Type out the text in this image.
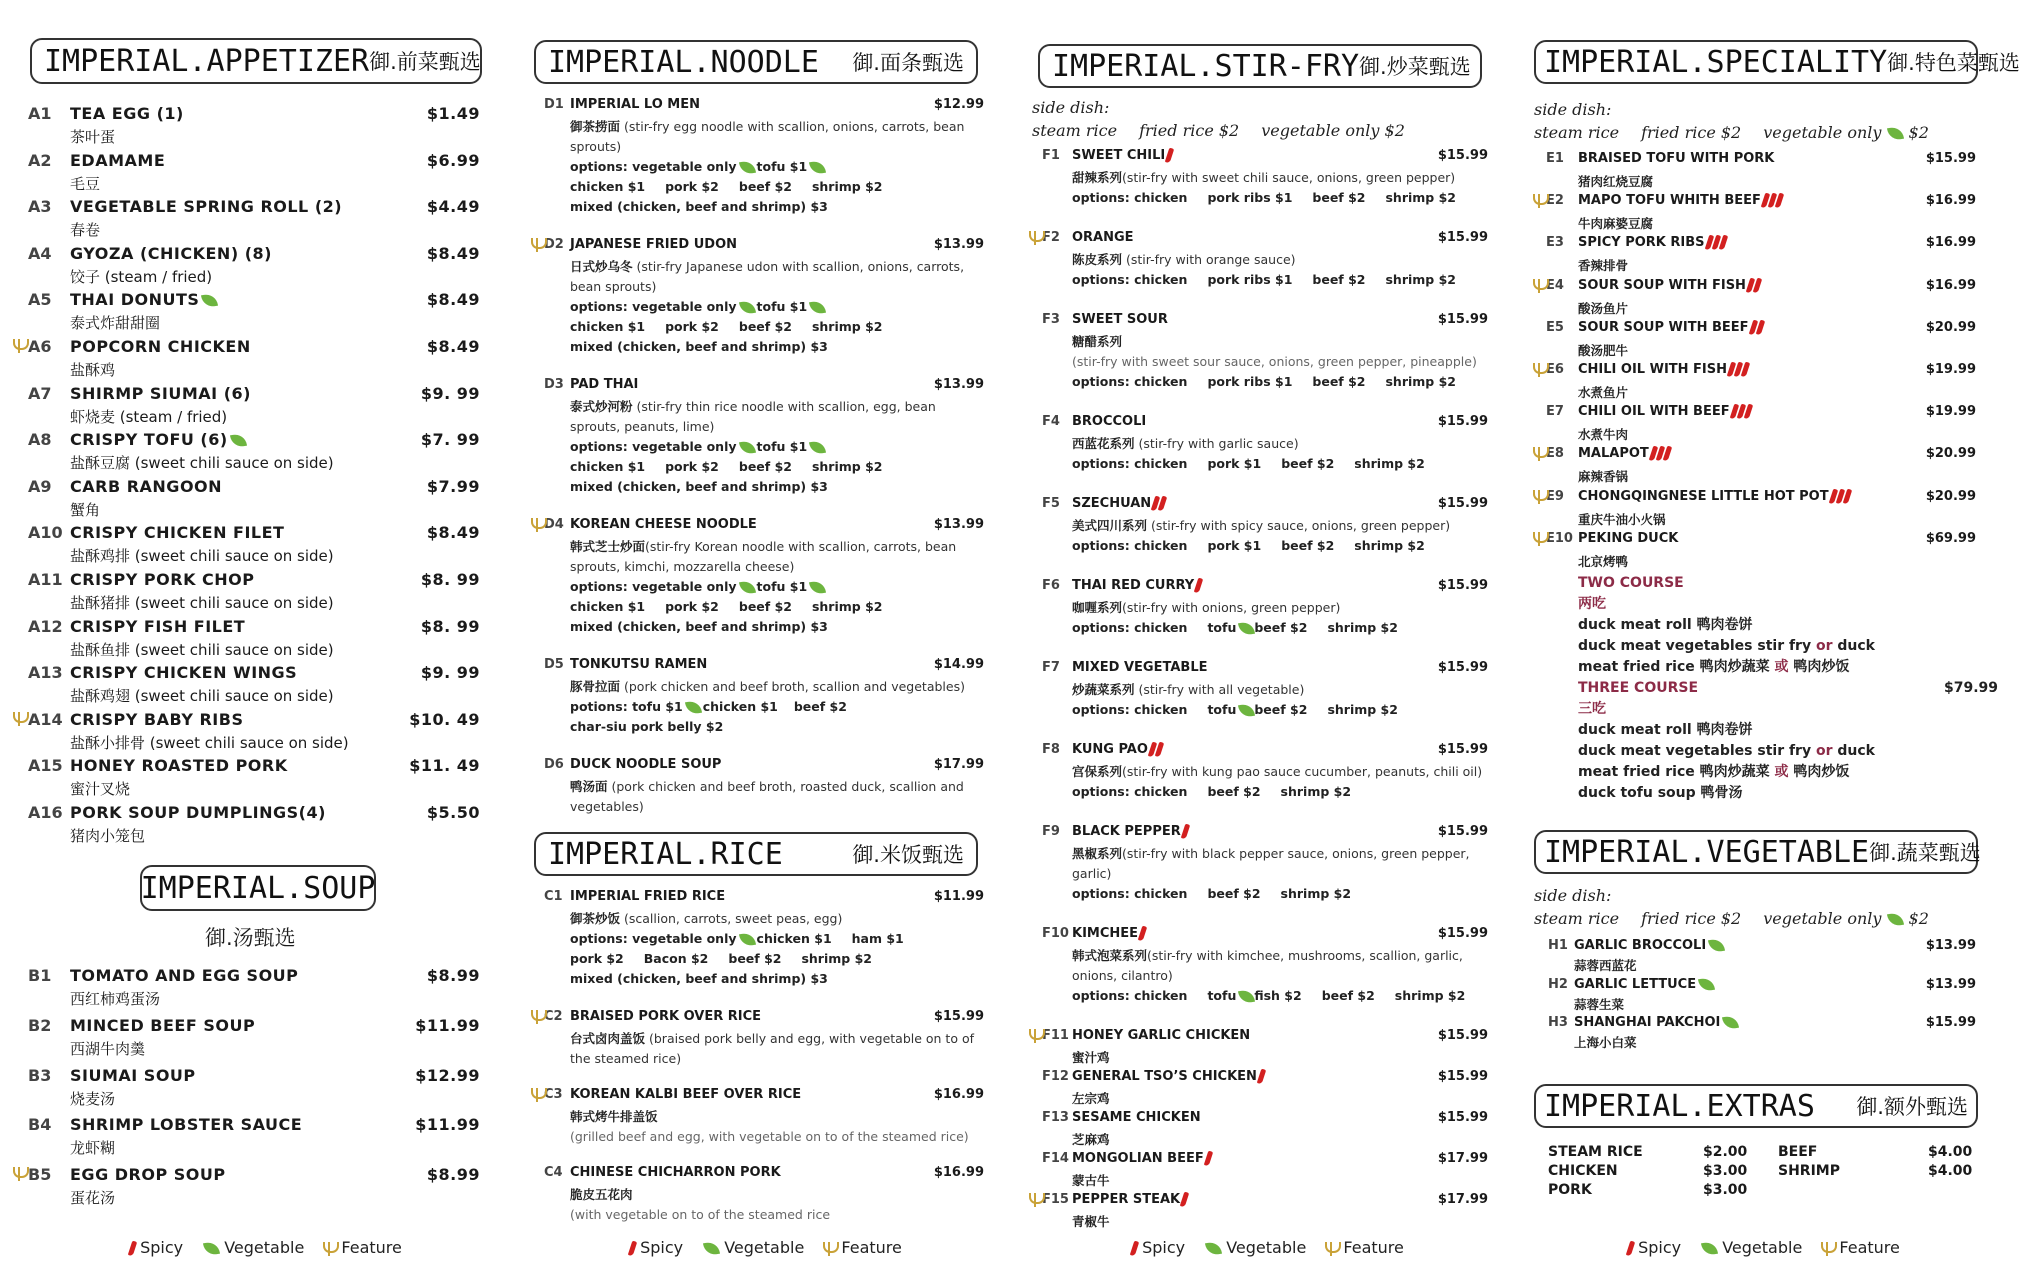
IMPERIAL.APPETIZER 御.前菜甄选
A1 TEA EGG (1)	$1.49
茶叶蛋
A2 EDAMAME	$6.99
毛豆
A3 VEGETABLE SPRING ROLL (2)	$4.49
春卷
A4 GYOZA (CHICKEN) (8)	$8.49
饺子 (steam / fried)
A5 THAI DONUTS	$8.49
泰式炸甜甜圈
A6 POPCORN CHICKEN	$8.49
盐酥鸡
A7 SHIRMP SIUMAI (6)	$9. 99
虾烧麦 (steam / fried)
A8 CRISPY TOFU (6)	$7. 99
盐酥豆腐 (sweet chili sauce on side)
A9 CARB RANGOON	$7.99
蟹角
A10 CRISPY CHICKEN FILET	$8.49
盐酥鸡排 (sweet chili sauce on side)
A11 CRISPY PORK CHOP	$8. 99
盐酥猪排 (sweet chili sauce on side)
A12 CRISPY FISH FILET	$8. 99
盐酥鱼排 (sweet chili sauce on side)
A13 CRISPY CHICKEN WINGS	$9. 99
盐酥鸡翅 (sweet chili sauce on side)
A14 CRISPY BABY RIBS	$10. 49
盐酥小排骨 (sweet chili sauce on side)
A15 HONEY ROASTED PORK	$11. 49
蜜汁叉烧
A16 PORK SOUP DUMPLINGS(4)	$5.50
猪肉小笼包
IMPERIAL.SOUP
御.汤甄选
B1 TOMATO AND EGG SOUP	$8.99
西红柿鸡蛋汤
B2 MINCED BEEF SOUP	$11.99
西湖牛肉羹
B3 SIUMAI SOUP	$12.99
烧麦汤
B4 SHRIMP LOBSTER SAUCE	$11.99
龙虾糊
B5 EGG DROP SOUP	$8.99
蛋花汤
IMPERIAL.NOODLE 御.面条甄选
D1 IMPERIAL LO MEN	$12.99
御茶捞面 (stir-fry egg noodle with scallion, onions, carrots, bean sprouts)
options: vegetable only tofu $1
chicken $1 pork $2 beef $2 shrimp $2
mixed (chicken, beef and shrimp) $3
D2 JAPANESE FRIED UDON	$13.99
日式炒乌冬 (stir-fry Japanese udon with scallion, onions, carrots, bean sprouts)
options: vegetable only tofu $1
chicken $1 pork $2 beef $2 shrimp $2
mixed (chicken, beef and shrimp) $3
D3 PAD THAI	$13.99
泰式炒河粉 (stir-fry thin rice noodle with scallion, egg, bean sprouts, peanuts, lime)
options: vegetable only tofu $1
chicken $1 pork $2 beef $2 shrimp $2
mixed (chicken, beef and shrimp) $3
D4 KOREAN CHEESE NOODLE	$13.99
韩式芝士炒面(stir-fry Korean noodle with scallion, carrots, bean sprouts, kimchi, mozzarella cheese)
options: vegetable only tofu $1
chicken $1 pork $2 beef $2 shrimp $2
mixed (chicken, beef and shrimp) $3
D5 TONKUTSU RAMEN	$14.99
豚骨拉面 (pork chicken and beef broth, scallion and vegetables)
potions: tofu $1 chicken $1 beef $2
char-siu pork belly $2
D6 DUCK NOODLE SOUP	$17.99
鸭汤面 (pork chicken and beef broth, roasted duck, scallion and vegetables)
IMPERIAL.RICE	御.米饭甄选
C1 IMPERIAL FRIED RICE	$11.99
御茶炒饭 (scallion, carrots, sweet peas, egg)
options: vegetable only chicken $1 ham $1
pork $2 Bacon $2 beef $2 shrimp $2
mixed (chicken, beef and shrimp) $3
C2 BRAISED PORK OVER RICE	$15.99
台式卤肉盖饭 (braised pork belly and egg, with vegetable on to of the steamed rice)
C3 KOREAN KALBI BEEF OVER RICE	$16.99
韩式烤牛排盖饭
(grilled beef and egg, with vegetable on to of the steamed rice)
C4 CHINESE CHICHARRON PORK	$16.99
脆皮五花肉
(with vegetable on to of the steamed rice
IMPERIAL.STIR-FRY 御.炒菜甄选
side dish:
steam rice fried rice $2 vegetable only $2
F1 SWEET CHILI	$15.99
甜辣系列(stir-fry with sweet chili sauce, onions, green pepper)
options: chicken pork ribs $1 beef $2 shrimp $2
F2 ORANGE	$15.99
陈皮系列 (stir-fry with orange sauce)
options: chicken pork ribs $1 beef $2 shrimp $2
F3 SWEET SOUR	$15.99
糖醋系列
(stir-fry with sweet sour sauce, onions, green pepper, pineapple)
options: chicken pork ribs $1 beef $2 shrimp $2
F4 BROCCOLI	$15.99
西蓝花系列 (stir-fry with garlic sauce)
options: chicken pork $1 beef $2 shrimp $2
F5 SZECHUAN	$15.99
美式四川系列 (stir-fry with spicy sauce, onions, green pepper)
options: chicken pork $1 beef $2 shrimp $2
F6 THAI RED CURRY	$15.99
咖喱系列(stir-fry with onions, green pepper)
options: chicken tofu beef $2 shrimp $2
F7 MIXED VEGETABLE	$15.99
炒蔬菜系列 (stir-fry with all vegetable)
options: chicken tofu beef $2 shrimp $2
F8 KUNG PAO	$15.99
宫保系列(stir-fry with kung pao sauce cucumber, peanuts, chili oil)
options: chicken beef $2 shrimp $2
F9 BLACK PEPPER	$15.99
黑椒系列(stir-fry with black pepper sauce, onions, green pepper, garlic)
options: chicken beef $2 shrimp $2
F10 KIMCHEE	$15.99
韩式泡菜系列(stir-fry with kimchee, mushrooms, scallion, garlic, onions, cilantro)
options: chicken tofu fish $2 beef $2 shrimp $2
F11 HONEY GARLIC CHICKEN	$15.99
蜜汁鸡
F12 GENERAL TSO’S CHICKEN	$15.99
左宗鸡
F13 SESAME CHICKEN	$15.99
芝麻鸡
F14 MONGOLIAN BEEF	$17.99
蒙古牛
F15 PEPPER STEAK	$17.99
青椒牛
IMPERIAL.SPECIALITY 御.特色菜甄选
side dish:
steam rice fried rice $2 vegetable only $2
E1 BRAISED TOFU WITH PORK	$15.99
猪肉红烧豆腐
E2 MAPO TOFU WHITH BEEF	$16.99
牛肉麻婆豆腐
E3 SPICY PORK RIBS	$16.99
香辣排骨
E4 SOUR SOUP WITH FISH	$16.99
酸汤鱼片
E5 SOUR SOUP WITH BEEF	$20.99
酸汤肥牛
E6 CHILI OIL WITH FISH	$19.99
水煮鱼片
E7 CHILI OIL WITH BEEF	$19.99
水煮牛肉
E8 MALAPOT	$20.99
麻辣香锅
E9 CHONGQINGNESE LITTLE HOT POT	$20.99
重庆牛油小火锅
E10 PEKING DUCK	$69.99
北京烤鸭
TWO COURSE
两吃
duck meat roll 鸭肉卷饼
duck meat vegetables stir fry or duck
meat fried rice 鸭肉炒蔬菜 或 鸭肉炒饭
THREE COURSE	$79.99
三吃
duck meat roll 鸭肉卷饼
duck meat vegetables stir fry or duck
meat fried rice 鸭肉炒蔬菜 或 鸭肉炒饭
duck tofu soup 鸭骨汤
IMPERIAL.VEGETABLE 御.蔬菜甄选
side dish:
steam rice fried rice $2 vegetable only $2
H1 GARLIC BROCCOLI	$13.99
蒜蓉西蓝花
H2 GARLIC LETTUCE	$13.99
蒜蓉生菜
H3 SHANGHAI PAKCHOI	$15.99
上海小白菜
IMPERIAL.EXTRAS 御.额外甄选
STEAM RICE	$2.00
CHICKEN	$3.00
PORK	$3.00
BEEF	$4.00
SHRIMP	$4.00
Spicy	Vegetable Feature	Spicy	Vegetable Feature	Spicy	Vegetable Feature	Spicy	Vegetable Feature
